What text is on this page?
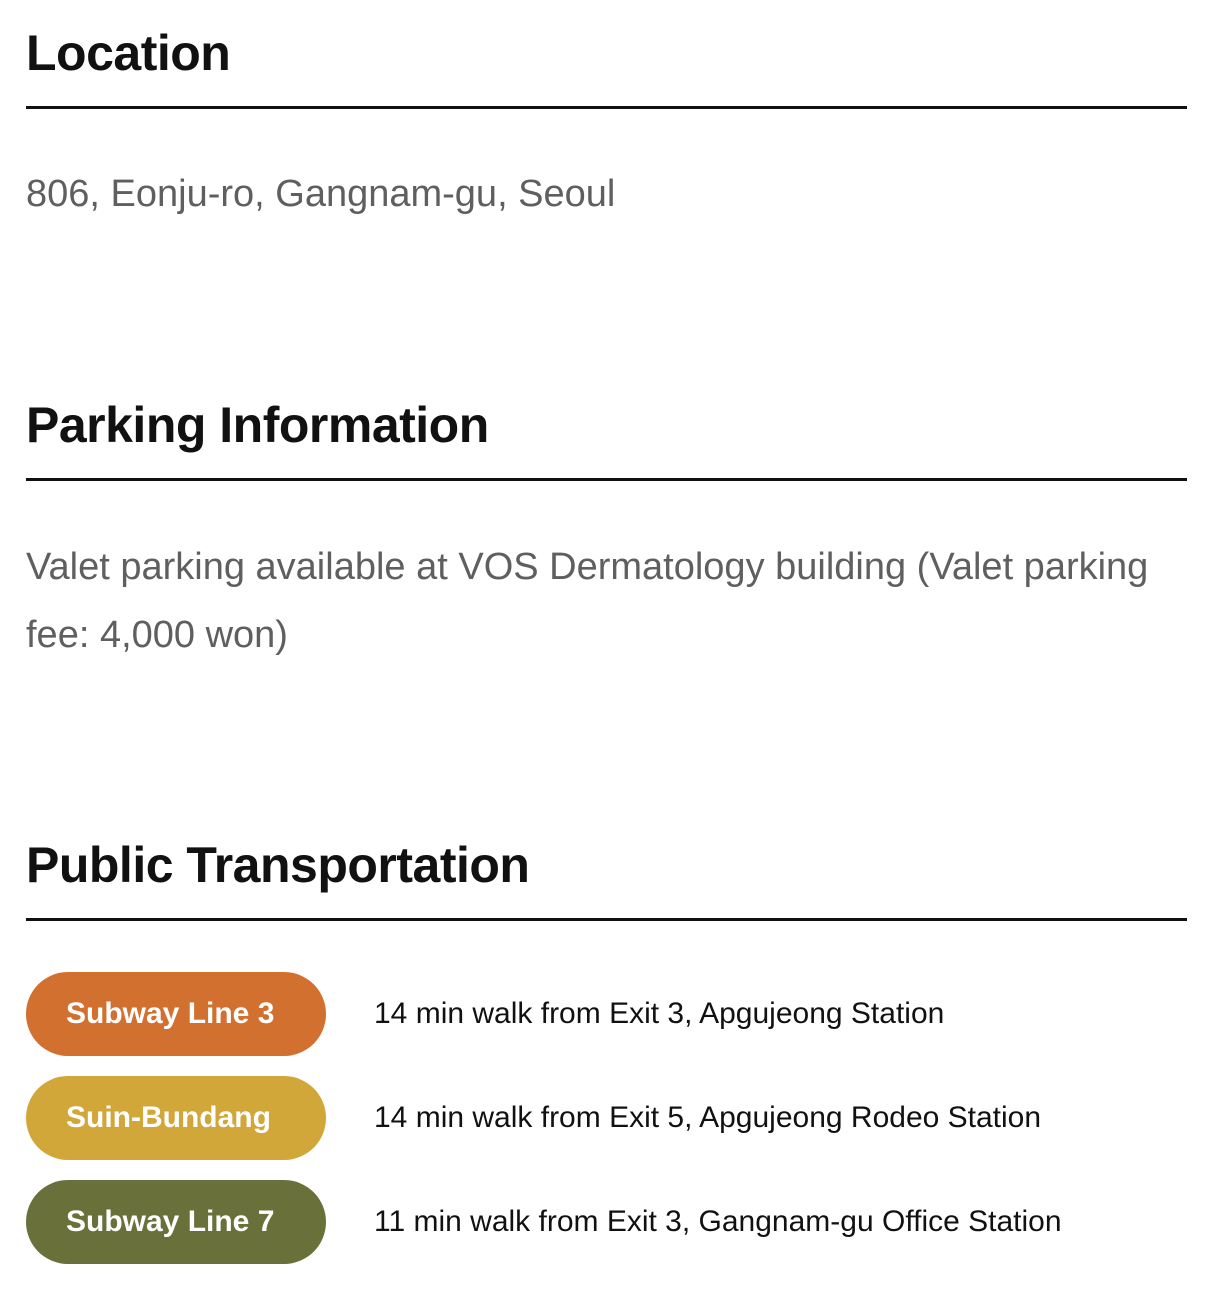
Location

806, Eonju-ro, Gangnam-gu, Seoul

Parking Information

Valet parking available at VOS Dermatology building (Valet parking fee: 4,000 won)

Public Transportation
Subway Line 3	14 min walk from Exit 3, Apgujeong Station
Suin-Bundang	14 min walk from Exit 5, Apgujeong Rodeo Station
Subway Line 7	11 min walk from Exit 3, Gangnam-gu Office Station
